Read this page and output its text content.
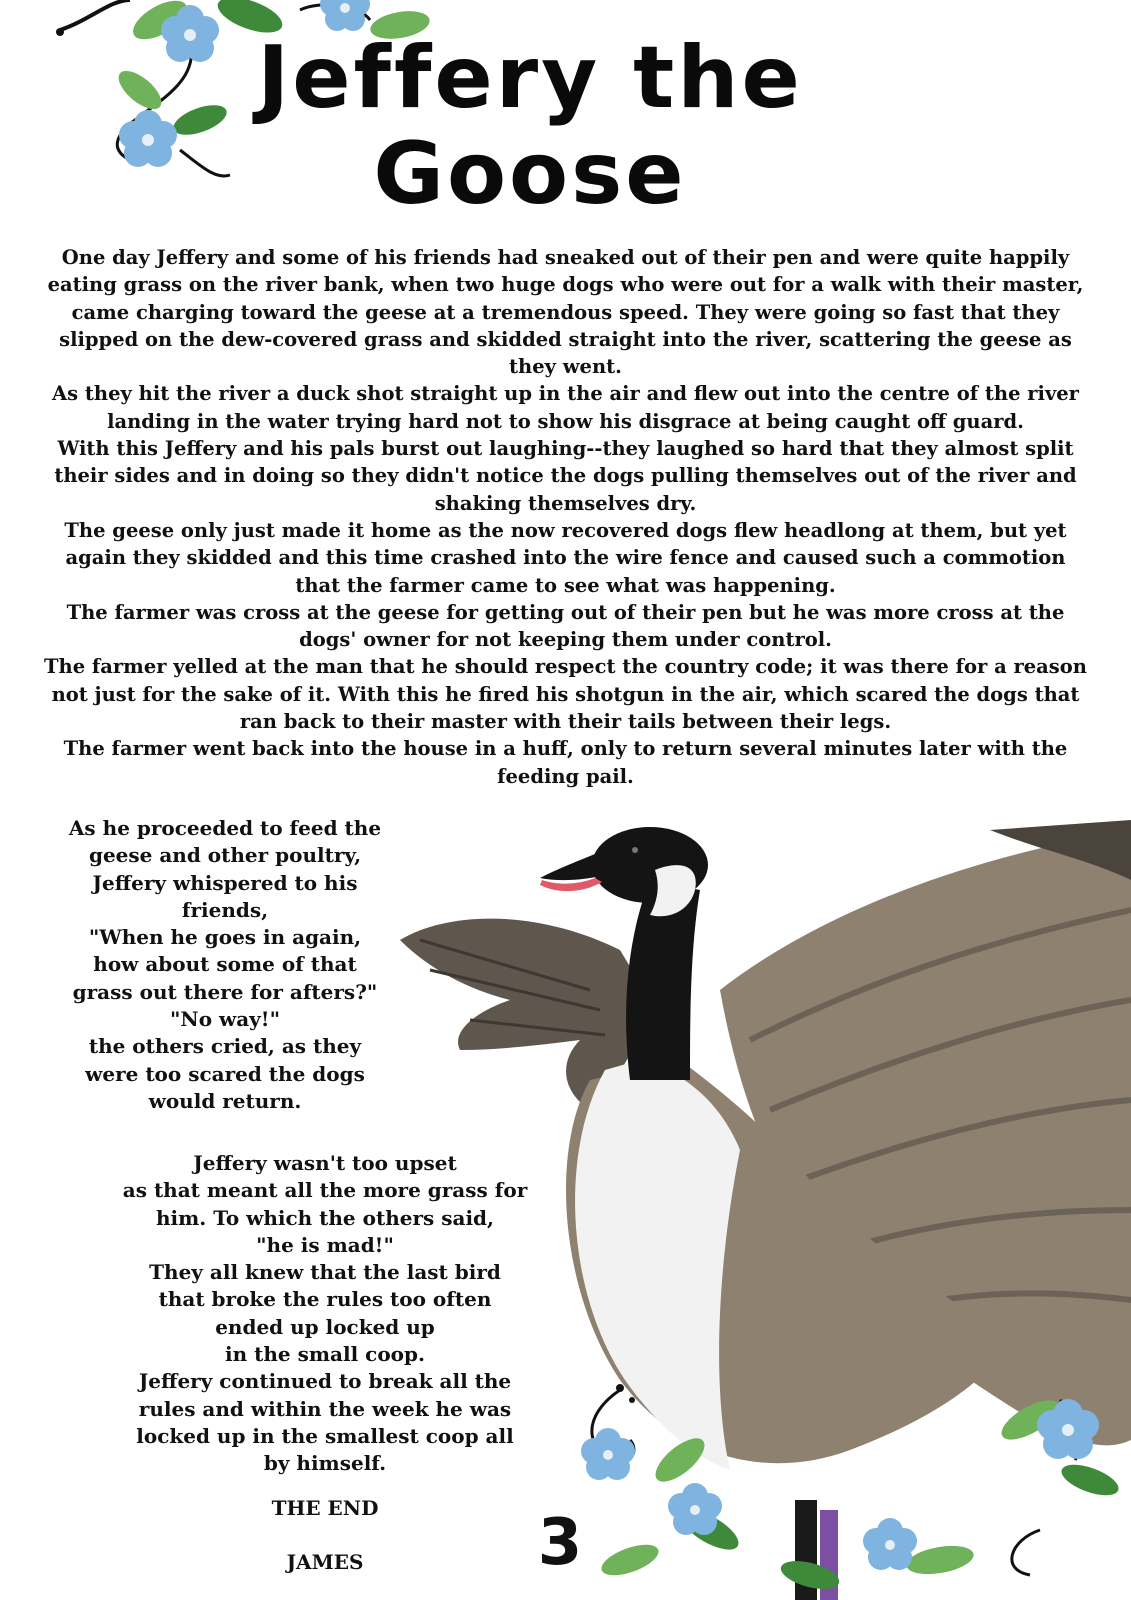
Jeffery the
Goose

One day Jeffery and some of his friends had sneaked out of their pen and were quite happily eating grass on the river bank, when two huge dogs who were out for a walk with their master, came charging toward the geese at a tremendous speed. They were going so fast that they slipped on the dew-covered grass and skidded straight into the river, scattering the geese as they went.

As they hit the river a duck shot straight up in the air and flew out into the centre of the river landing in the water trying hard not to show his disgrace at being caught off guard.

With this Jeffery and his pals burst out laughing--they laughed so hard that they almost split their sides and in doing so they didn't notice the dogs pulling themselves out of the river and shaking themselves dry.

The geese only just made it home as the now recovered dogs flew headlong at them, but yet again they skidded and this time crashed into the wire fence and caused such a commotion that the farmer came to see what was happening.

The farmer was cross at the geese for getting out of their pen but he was more cross at the dogs' owner for not keeping them under control.

The farmer yelled at the man that he should respect the country code; it was there for a reason not just for the sake of it. With this he fired his shotgun in the air, which scared the dogs that ran back to their master with their tails between their legs.

The farmer went back into the house in a huff, only to return several minutes later with the feeding pail.

As he proceeded to feed the

geese and other poultry,

Jeffery whispered to his

friends,

"When he goes in again,

how about some of that

grass out there for afters?"

"No way!"

the others cried, as they

were too scared the dogs

would return.

Jeffery wasn't too upset

as that meant all the more grass for

him. To which the others said,

"he is mad!"

They all knew that the last bird

that broke the rules too often

ended up locked up

in the small coop.

Jeffery continued to break all the

rules and within the week he was

locked up in the smallest coop all

by himself.

THE END

JAMES	3
